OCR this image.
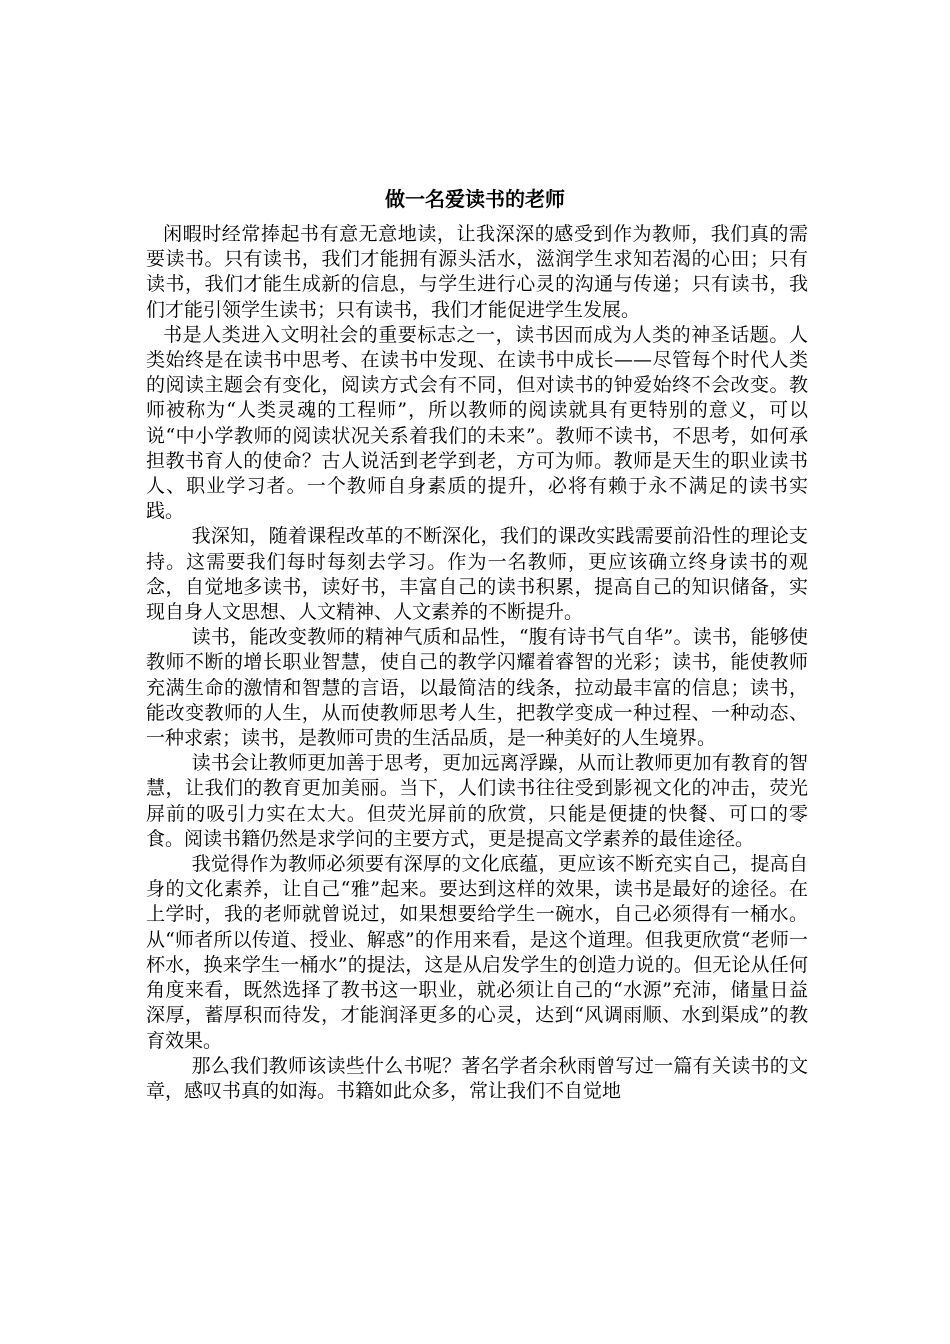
做一名爱读书的老师

闲暇时经常捧起书有意无意地读，让我深深的感受到作为教师，我们真的需要读书。只有读书，我们才能拥有源头活水，滋润学生求知若渴的心田；只有读书，我们才能生成新的信息，与学生进行心灵的沟通与传递；只有读书，我们才能引领学生读书；只有读书，我们才能促进学生发展。

书是人类进入文明社会的重要标志之一，读书因而成为人类的神圣话题。人类始终是在读书中思考、在读书中发现、在读书中成长——尽管每个时代人类的阅读主题会有变化，阅读方式会有不同，但对读书的钟爱始终不会改变。教师被称为“人类灵魂的工程师”，所以教师的阅读就具有更特别的意义，可以说“中小学教师的阅读状况关系着我们的未来”。教师不读书，不思考，如何承担教书育人的使命？古人说活到老学到老，方可为师。教师是天生的职业读书人、职业学习者。一个教师自身素质的提升，必将有赖于永不满足的读书实践。

我深知，随着课程改革的不断深化，我们的课改实践需要前沿性的理论支持。这需要我们每时每刻去学习。作为一名教师，更应该确立终身读书的观念，自觉地多读书，读好书，丰富自己的读书积累，提高自己的知识储备，实现自身人文思想、人文精神、人文素养的不断提升。

读书，能改变教师的精神气质和品性，“腹有诗书气自华”。读书，能够使教师不断的增长职业智慧，使自己的教学闪耀着睿智的光彩；读书，能使教师充满生命的激情和智慧的言语，以最简洁的线条，拉动最丰富的信息；读书，能改变教师的人生，从而使教师思考人生，把教学变成一种过程、一种动态、一种求索；读书，是教师可贵的生活品质，是一种美好的人生境界。

读书会让教师更加善于思考，更加远离浮躁，从而让教师更加有教育的智慧，让我们的教育更加美丽。当下，人们读书往往受到影视文化的冲击，荧光屏前的吸引力实在太大。但荧光屏前的欣赏，只能是便捷的快餐、可口的零食。阅读书籍仍然是求学问的主要方式，更是提高文学素养的最佳途径。

我觉得作为教师必须要有深厚的文化底蕴，更应该不断充实自己，提高自身的文化素养，让自己“雅”起来。要达到这样的效果，读书是最好的途径。在上学时，我的老师就曾说过，如果想要给学生一碗水，自己必须得有一桶水。从“师者所以传道、授业、解惑”的作用来看，是这个道理。但我更欣赏“老师一杯水，换来学生一桶水”的提法，这是从启发学生的创造力说的。但无论从任何角度来看，既然选择了教书这一职业，就必须让自己的“水源”充沛，储量日益深厚，蓄厚积而待发，才能润泽更多的心灵，达到“风调雨顺、水到渠成”的教育效果。

那么我们教师该读些什么书呢？著名学者余秋雨曾写过一篇有关读书的文章，感叹书真的如海。书籍如此众多，常让我们不自觉地
